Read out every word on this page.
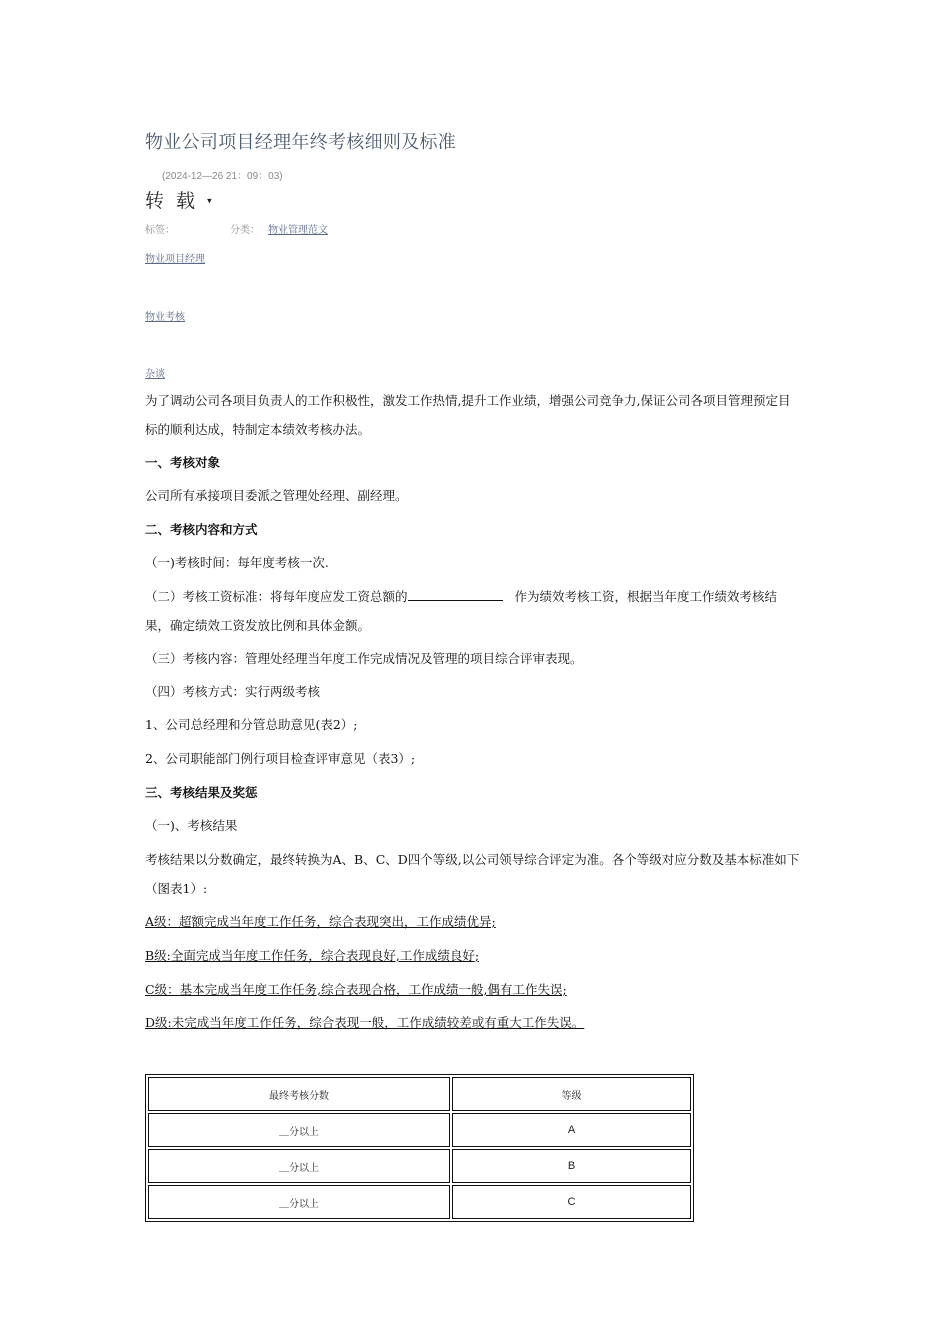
物业公司项目经理年终考核细则及标准
(2024-12—26 21：09：03)
转 载 ▾
标签：	分类： 物业管理范文
物业项目经理
物业考核
杂谈
为了调动公司各项目负责人的工作积极性，激发工作热情,提升工作业绩，增强公司竞争力,保证公司各项目管理预定目标的顺利达成，特制定本绩效考核办法。
一、考核对象
公司所有承接项目委派之管理处经理、副经理。
二、考核内容和方式
（一)考核时间：每年度考核一次.
（二）考核工资标准：将每年度应发工资总额的	作为绩效考核工资，根据当年度工作绩效考核结果，确定绩效工资发放比例和具体金额。
（三）考核内容：管理处经理当年度工作完成情况及管理的项目综合评审表现。
（四）考核方式：实行两级考核
1、公司总经理和分管总助意见(表2）;
2、公司职能部门例行项目检查评审意见（表3）;
三、考核结果及奖惩
（一)、考核结果
考核结果以分数确定，最终转换为A、B、C、D四个等级,以公司领导综合评定为准。各个等级对应分数及基本标准如下（图表1）:
A级：超额完成当年度工作任务，综合表现突出，工作成绩优异;
B级:全面完成当年度工作任务，综合表现良好,工作成绩良好;
C级：基本完成当年度工作任务,综合表现合格，工作成绩一般,偶有工作失误;
D级:未完成当年度工作任务，综合表现一般，工作成绩较差或有重大工作失误。
最终考核分数	等级
＿分以上	A
＿分以上	B
＿分以上	C
